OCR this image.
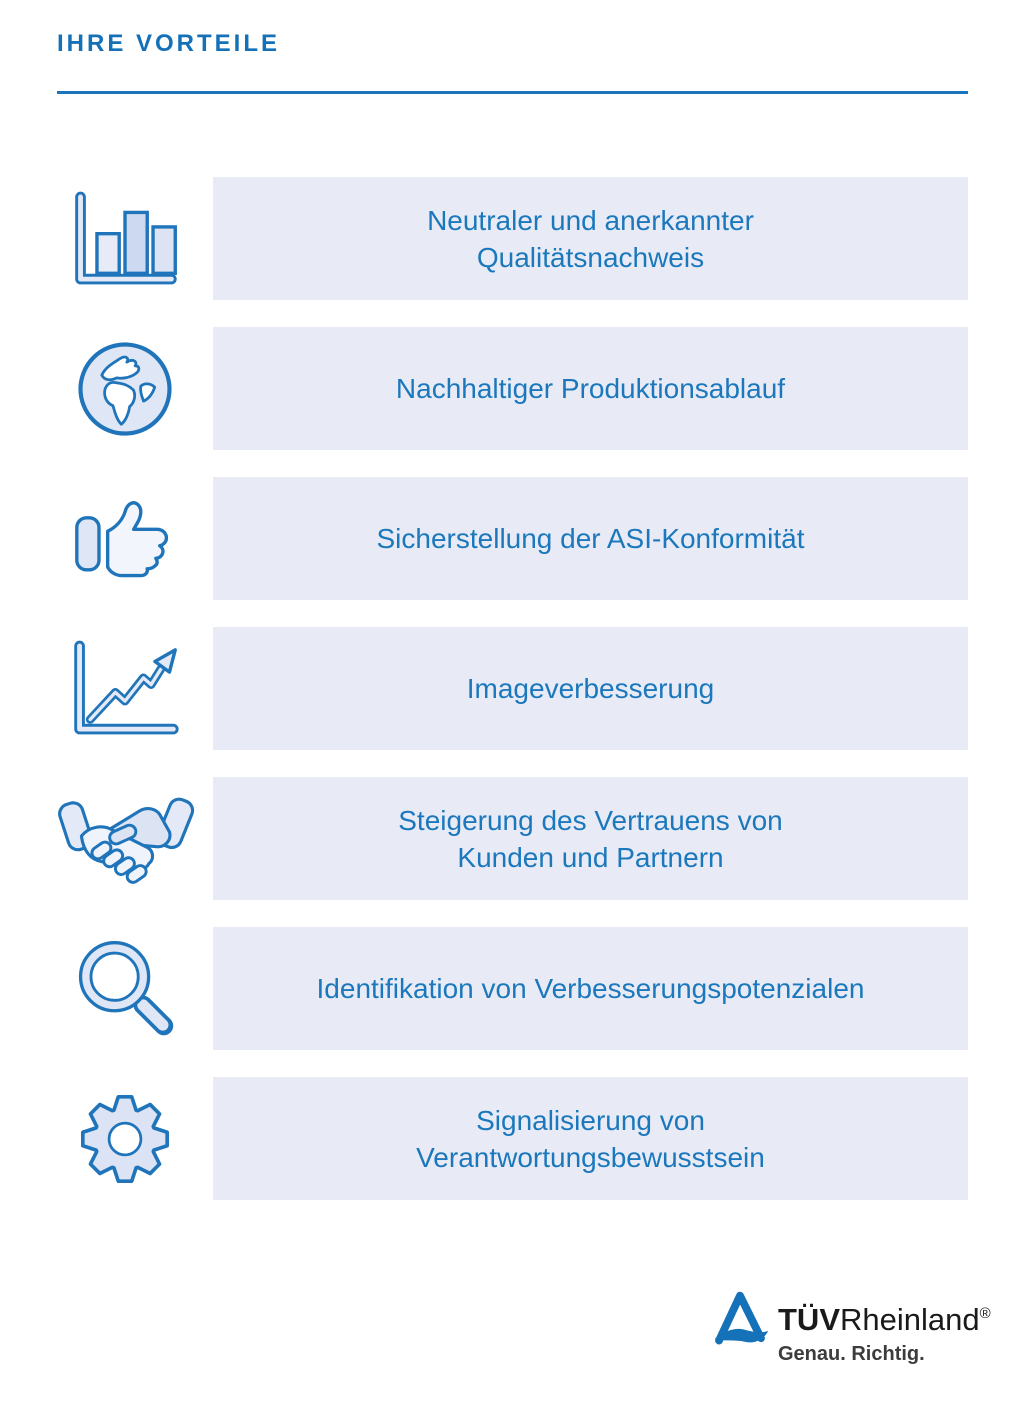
IHRE VORTEILE
Neutraler und anerkannter
Qualitätsnachweis
Nachhaltiger Produktionsablauf
Sicherstellung der ASI-Konformität
Imageverbesserung
Steigerung des Vertrauens von
Kunden und Partnern
Identifikation von Verbesserungspotenzialen
Signalisierung von
Verantwortungsbewusstsein
TÜVRheinland®
Genau. Richtig.
